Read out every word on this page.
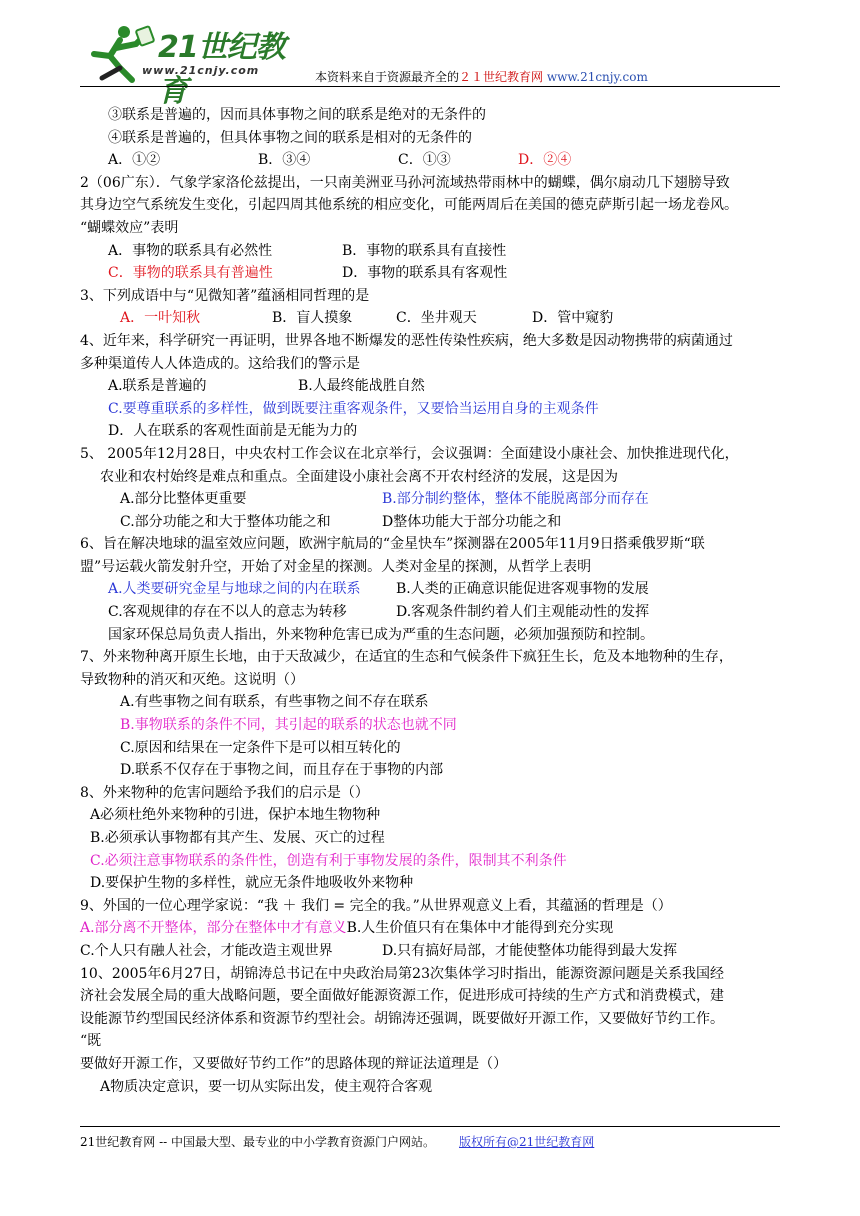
21世纪教育
www.21cnjy.com	本资料来自于资源最齐全的２１世纪教育网 www.21cnjy.com
③联系是普遍的，因而具体事物之间的联系是绝对的无条件的
④联系是普遍的，但具体事物之间的联系是相对的无条件的
A．①②	B．③④	C．①③	D．②④
2（06广东）．气象学家洛伦兹提出，一只南美洲亚马孙河流域热带雨林中的蝴蝶，偶尔扇动几下翅膀导致
其身边空气系统发生变化，引起四周其他系统的相应变化，可能两周后在美国的德克萨斯引起一场龙卷风。
“蝴蝶效应”表明
A．事物的联系具有必然性	B．事物的联系具有直接性
C．事物的联系具有普遍性	D．事物的联系具有客观性
3、下列成语中与“见微知著”蕴涵相同哲理的是
A．一叶知秋	B．盲人摸象	C．坐井观天	D．管中窥豹
4、近年来，科学研究一再证明，世界各地不断爆发的恶性传染性疾病，绝大多数是因动物携带的病菌通过
多种渠道传人人体造成的。这给我们的警示是
A.联系是普遍的	B.人最终能战胜自然
C.要尊重联系的多样性，做到既要注重客观条件，又要恰当运用自身的主观条件
D．人在联系的客观性面前是无能为力的
5、 2005年12月28日，中央农村工作会议在北京举行，会议强调：全面建设小康社会、加快推进现代化，
农业和农村始终是难点和重点。全面建设小康社会离不开农村经济的发展，这是因为
A.部分比整体更重要	B.部分制约整体，整体不能脱离部分而存在
C.部分功能之和大于整体功能之和	D整体功能大于部分功能之和
6、旨在解决地球的温室效应问题，欧洲宇航局的“金星快车”探测器在2005年11月9日搭乘俄罗斯“联
盟”号运载火箭发射升空，开始了对金星的探测。人类对金星的探测，从哲学上表明
A.人类要研究金星与地球之间的内在联系	B.人类的正确意识能促进客观事物的发展
C.客观规律的存在不以人的意志为转移	D.客观条件制约着人们主观能动性的发挥
国家环保总局负责人指出，外来物种危害已成为严重的生态问题，必须加强预防和控制。
7、外来物种离开原生长地，由于天敌减少，在适宜的生态和气候条件下疯狂生长，危及本地物种的生存，
导致物种的消灭和灭绝。这说明（）
A.有些事物之间有联系，有些事物之间不存在联系
B.事物联系的条件不同，其引起的联系的状态也就不同
C.原因和结果在一定条件下是可以相互转化的
D.联系不仅存在于事物之间，而且存在于事物的内部
8、外来物种的危害问题给予我们的启示是（）
A必须杜绝外来物种的引进，保护本地生物物种
B.必须承认事物都有其产生、发展、灭亡的过程
C.必须注意事物联系的条件性，创造有利于事物发展的条件，限制其不利条件
D.要保护生物的多样性，就应无条件地吸收外来物种
9、外国的一位心理学家说：“我 ＋ 我们 = 完全的我。”从世界观意义上看，其蕴涵的哲理是（）
A.部分离不开整体，部分在整体中才有意义B.人生价值只有在集体中才能得到充分实现
C.个人只有融人社会，才能改造主观世界	D.只有搞好局部，才能使整体功能得到最大发挥
10、2005年6月27日，胡锦涛总书记在中央政治局第23次集体学习时指出，能源资源问题是关系我国经
济社会发展全局的重大战略问题，要全面做好能源资源工作，促进形成可持续的生产方式和消费模式，建
设能源节约型国民经济体系和资源节约型社会。胡锦涛还强调，既要做好开源工作，又要做好节约工作。
“既
要做好开源工作，又要做好节约工作”的思路体现的辩证法道理是（）
A物质决定意识，要一切从实际出发，使主观符合客观
21世纪教育网 -- 中国最大型、最专业的中小学教育资源门户网站。 版权所有@21世纪教育网
